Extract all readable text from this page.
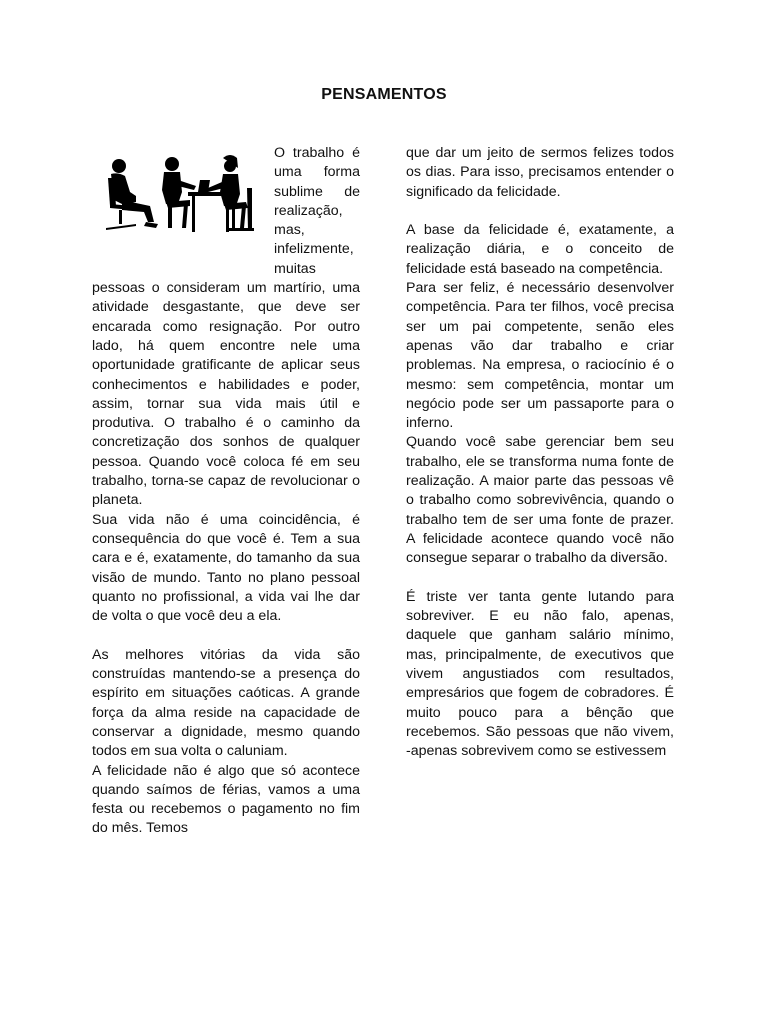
PENSAMENTOS

O trabalho é uma forma sublime de realização, mas, infelizmente, muitas pessoas o consideram um martírio, uma atividade desgastante, que deve ser encarada como resignação. Por outro lado, há quem encontre nele uma oportunidade gratificante de aplicar seus conhecimentos e habilidades e poder, assim, tornar sua vida mais útil e produtiva. O trabalho é o caminho da concretização dos sonhos de qualquer pessoa. Quando você coloca fé em seu trabalho, torna-se capaz de revolucionar o planeta.

Sua vida não é uma coincidência, é consequência do que você é. Tem a sua cara e é, exatamente, do tamanho da sua visão de mundo. Tanto no plano pessoal quanto no profissional, a vida vai lhe dar de volta o que você deu a ela.

As melhores vitórias da vida são construídas mantendo-se a presença do espírito em situações caóticas. A grande força da alma reside na capacidade de conservar a dignidade, mesmo quando todos em sua volta o caluniam.

A felicidade não é algo que só acontece quando saímos de férias, vamos a uma festa ou recebemos o pagamento no fim do mês. Temos

que dar um jeito de sermos felizes todos os dias. Para isso, precisamos entender o significado da felicidade.

A base da felicidade é, exatamente, a realização diária, e o conceito de felicidade está baseado na competência.

Para ser feliz, é necessário desenvolver competência. Para ter filhos, você precisa ser um pai competente, senão eles apenas vão dar trabalho e criar problemas. Na empresa, o raciocínio é o mesmo: sem competência, montar um negócio pode ser um passaporte para o inferno.

Quando você sabe gerenciar bem seu trabalho, ele se transforma numa fonte de realização. A maior parte das pessoas vê o trabalho como sobrevivência, quando o trabalho tem de ser uma fonte de prazer. A felicidade acontece quando você não consegue separar o trabalho da diversão.

É triste ver tanta gente lutando para sobreviver. E eu não falo, apenas, daquele que ganham salário mínimo, mas, principalmente, de executivos que vivem angustiados com resultados, empresários que fogem de cobradores. É muito pouco para a bênção que recebemos. São pessoas que não vivem, -apenas sobrevivem como se estivessem
